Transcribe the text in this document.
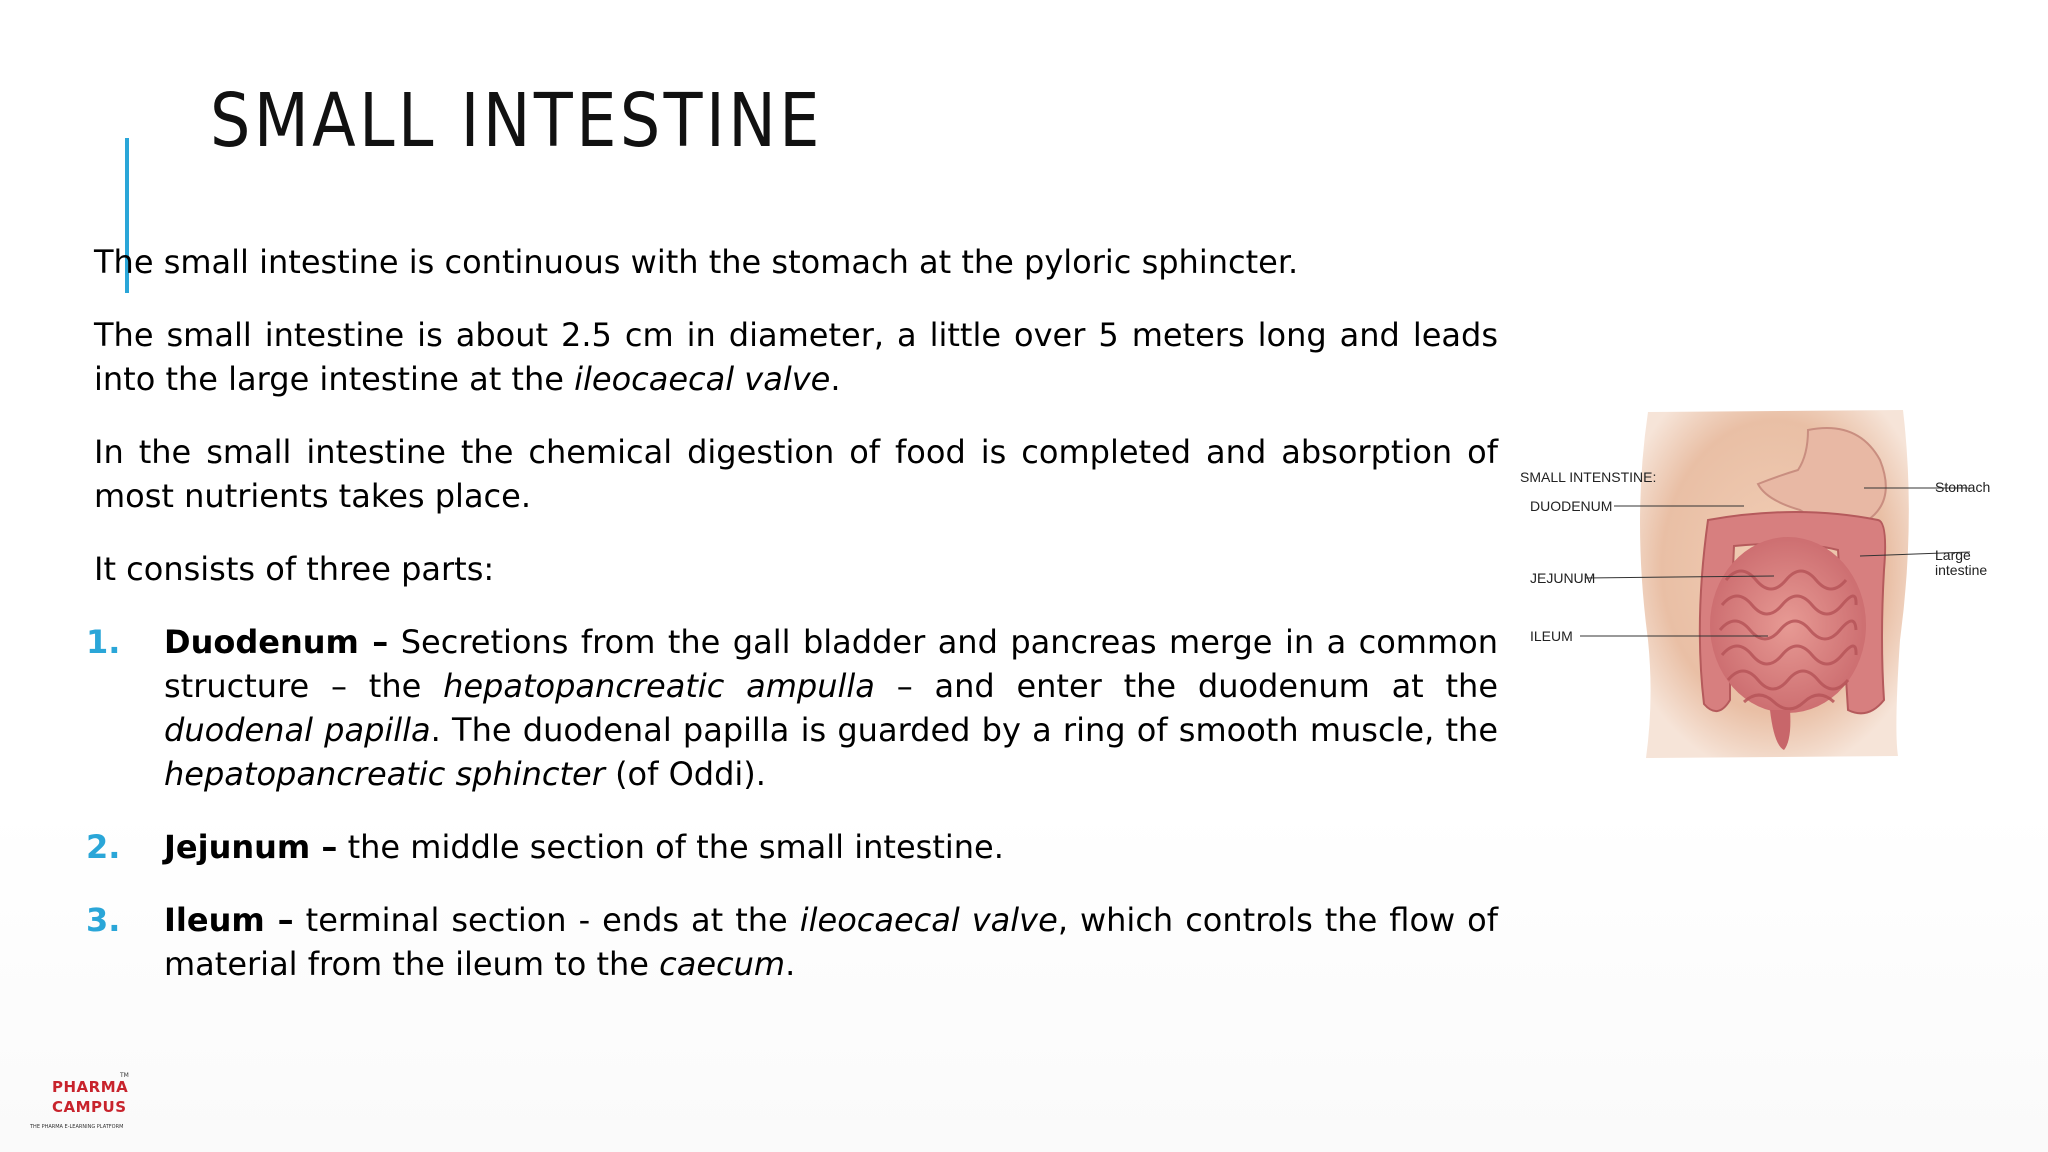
SMALL INTESTINE

The small intestine is continuous with the stomach at the pyloric sphincter.

The small intestine is about 2.5 cm in diameter, a little over 5 meters long and leads into the large intestine at the ileocaecal valve.

In the small intestine the chemical digestion of food is completed and absorption of most nutrients takes place.

It consists of three parts:

1. Duodenum – Secretions from the gall bladder and pancreas merge in a common structure – the hepatopancreatic ampulla – and enter the duodenum at the duodenal papilla. The duodenal papilla is guarded by a ring of smooth muscle, the hepatopancreatic sphincter (of Oddi).
2. Jejunum – the middle section of the small intestine.
3. Ileum – terminal section - ends at the ileocaecal valve, which controls the flow of material from the ileum to the caecum.
SMALL INTENSTINE:
DUODENUM
JEJUNUM
ILEUM
Stomach
Large
intestine
PHARMA
TM
CAMPUS
THE PHARMA E-LEARNING PLATFORM
